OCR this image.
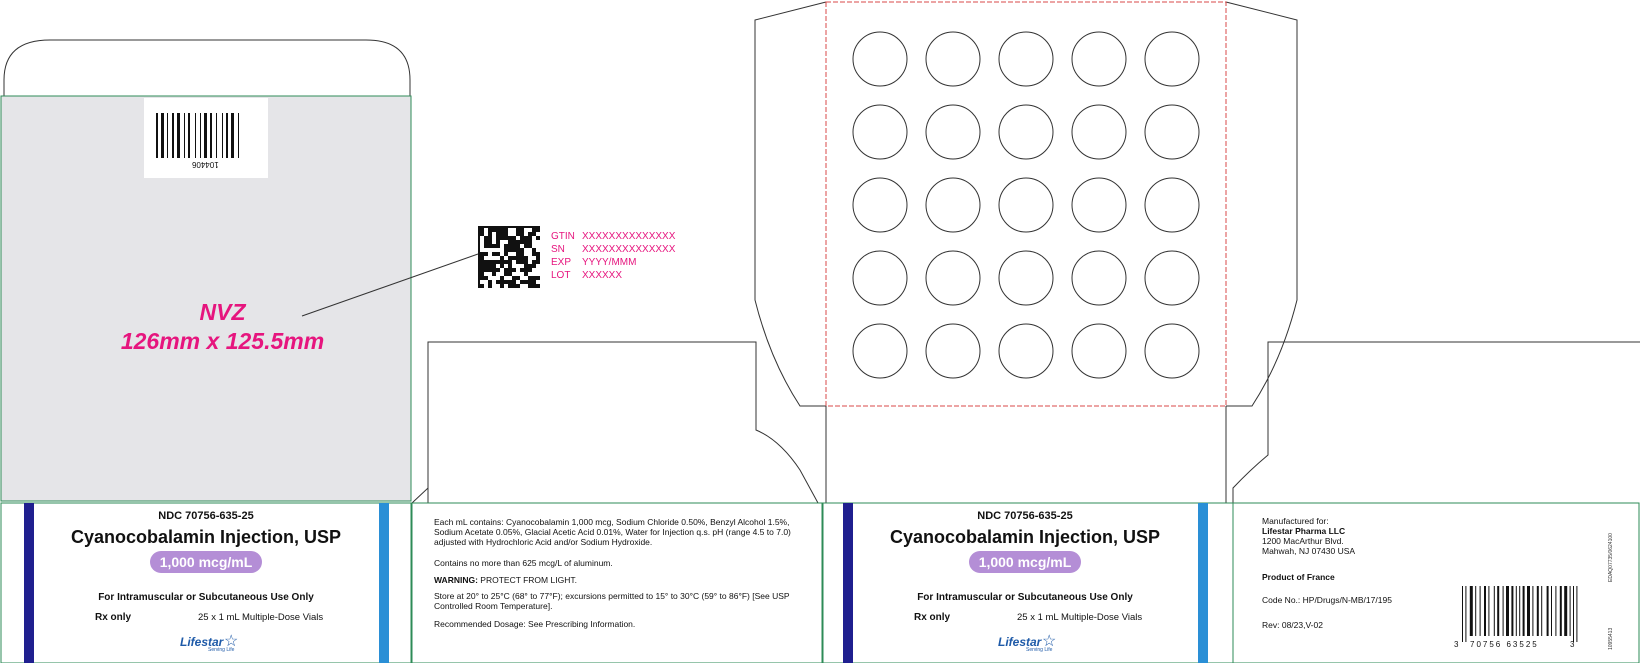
104406
NVZ
126mm x 125.5mm
GTIN XXXXXXXXXXXXXX
SN XXXXXXXXXXXXXX
EXP YYYY/MMM
LOT XXXXXX
NDC 70756-635-25
Cyanocobalamin Injection, USP
1,000 mcg/mL
For Intramuscular or Subcutaneous Use Only
Rx only	25 x 1 mL Multiple-Dose Vials
Lifestar ☆
Serving Life
Each mL contains: Cyanocobalamin 1,000 mcg, Sodium Chloride 0.50%, Benzyl Alcohol 1.5%, Sodium Acetate 0.05%, Glacial Acetic Acid 0.01%, Water for Injection q.s. pH (range 4.5 to 7.0) adjusted with Hydrochloric Acid and/or Sodium Hydroxide.
Contains no more than 625 mcg/L of aluminum.
WARNING: PROTECT FROM LIGHT.
Store at 20° to 25°C (68° to 77°F); excursions permitted to 15° to 30°C (59° to 86°F) [See USP Controlled Room Temperature].
Recommended Dosage: See Prescribing Information.
NDC 70756-635-25
Cyanocobalamin Injection, USP
1,000 mcg/mL
For Intramuscular or Subcutaneous Use Only
Rx only	25 x 1 mL Multiple-Dose Vials
Lifestar ☆
Serving Life
Manufactured for:
Lifestar Pharma LLC
1200 MacArthur Blvd.
Mahwah, NJ 07430 USA
Product of France
Code No.: HP/Drugs/N-MB/17/195
Rev: 08/23,V-02
3 70756 63525	3
EDAQ07735/0624100
10955413
